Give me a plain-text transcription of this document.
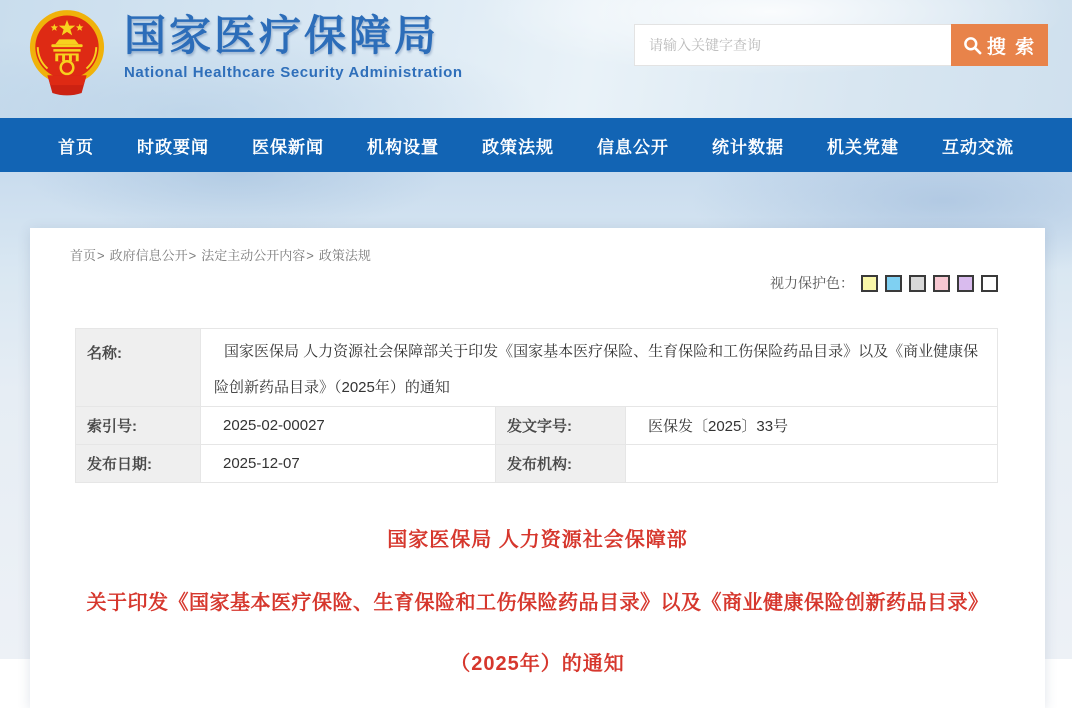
国家医疗保障局
National Healthcare Security Administration
请输入关键字查询
搜 索
首页	时政要闻	医保新闻	机构设置	政策法规	信息公开	统计数据	机关党建	互动交流
首页> 政府信息公开> 法定主动公开内容> 政策法规
视力保护色：
名称:	国家医保局 人力资源社会保障部关于印发《国家基本医疗保险、生育保险和工伤保险药品目录》以及《商业健康保险创新药品目录》（2025年）的通知		
索引号:	2025-02-00027	发文字号:	医保发〔2025〕33号
发布日期:	2025-12-07	发布机构:	
国家医保局 人力资源社会保障部
关于印发《国家基本医疗保险、生育保险和工伤保险药品目录》以及《商业健康保险创新药品目录》
（2025年）的通知
